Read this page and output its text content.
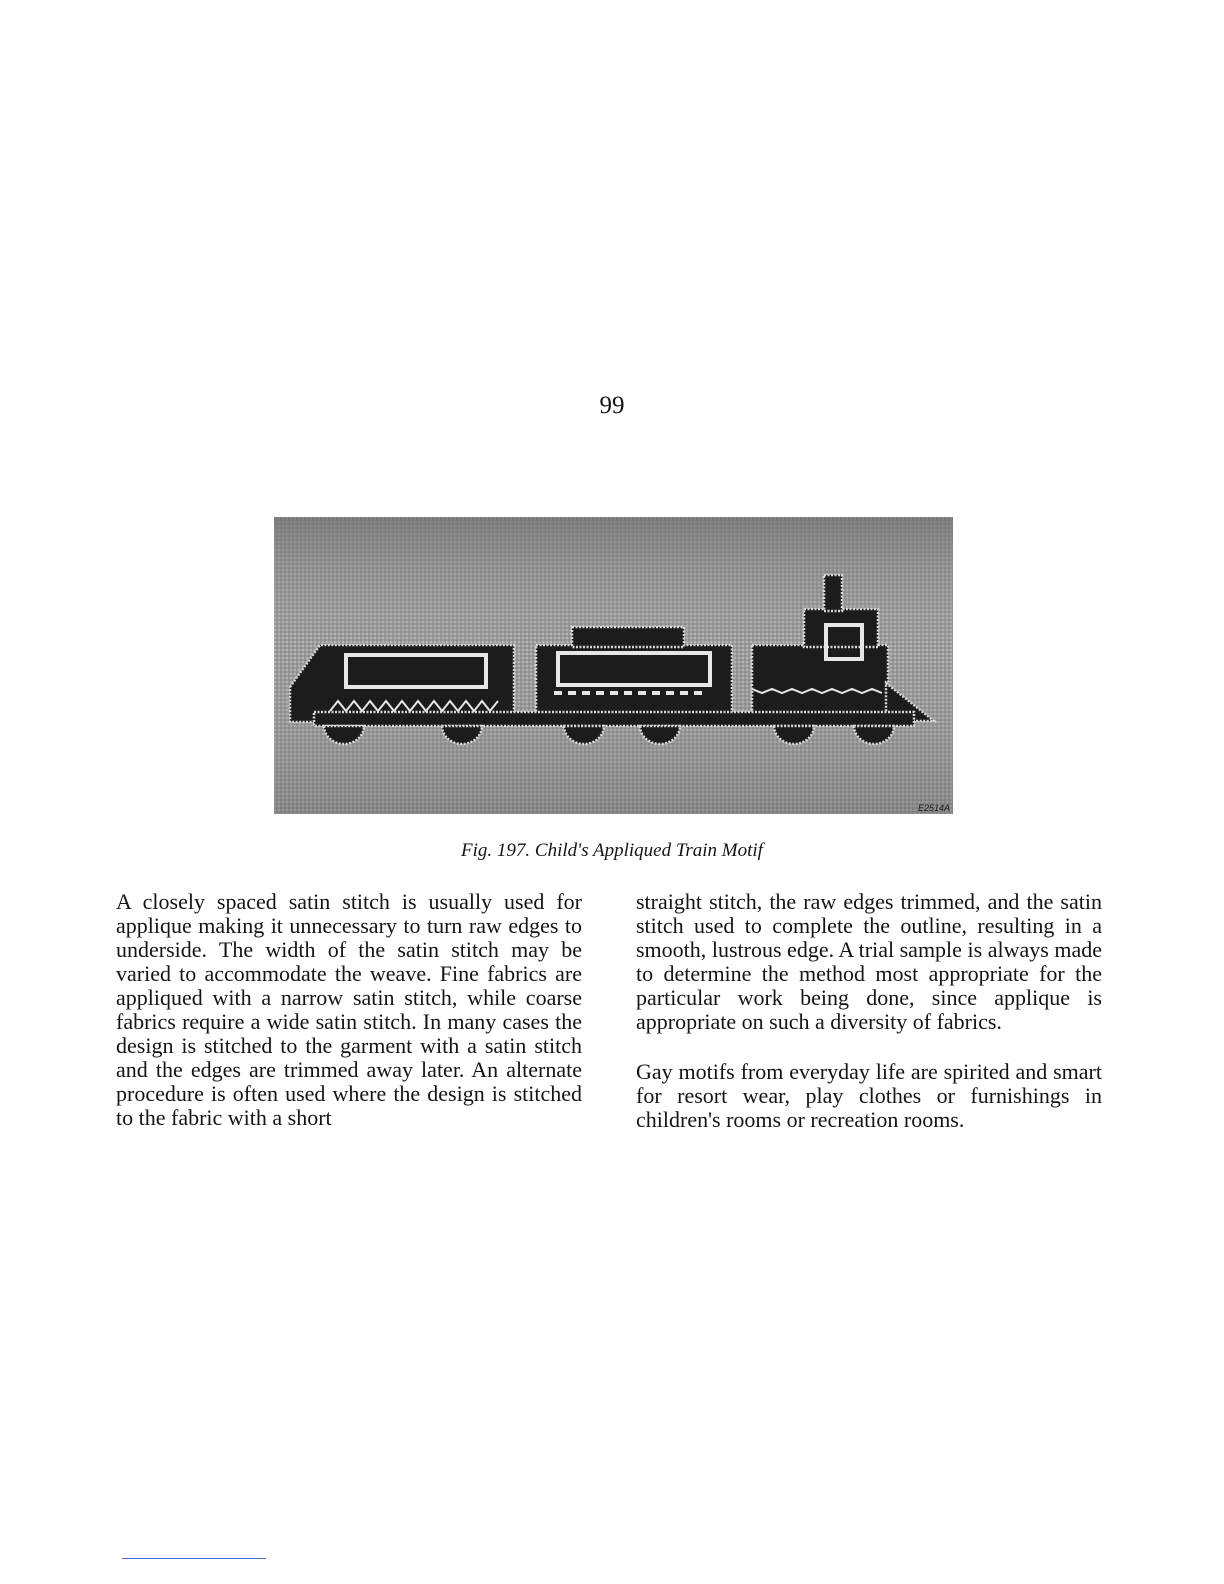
99
E2514A
Fig. 197. Child's Appliqued Train Motif

A closely spaced satin stitch is usually used for applique making it unnecessary to turn raw edges to underside. The width of the satin stitch may be varied to accommodate the weave. Fine fabrics are appliqued with a narrow satin stitch, while coarse fabrics require a wide satin stitch. In many cases the design is stitched to the garment with a satin stitch and the edges are trimmed away later. An alternate procedure is often used where the design is stitched to the fabric with a short

straight stitch, the raw edges trimmed, and the satin stitch used to complete the outline, resulting in a smooth, lustrous edge. A trial sample is always made to determine the method most appropriate for the particular work being done, since applique is appropriate on such a diversity of fabrics.

Gay motifs from everyday life are spirited and smart for resort wear, play clothes or furnishings in children's rooms or recreation rooms.
